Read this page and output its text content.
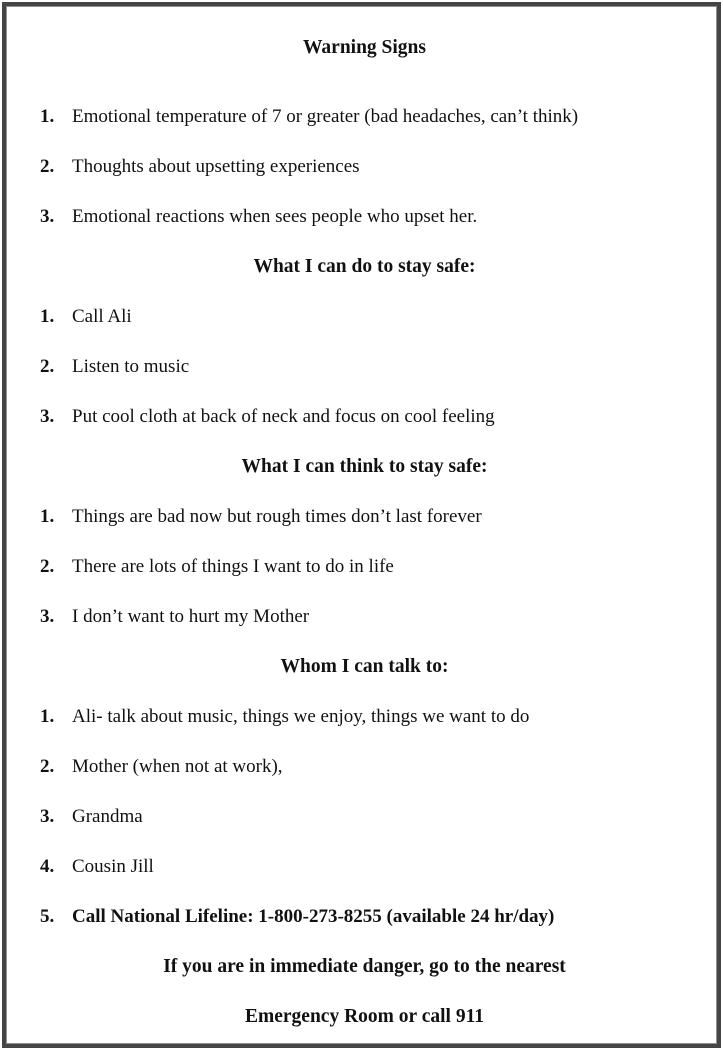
Warning Signs
1. Emotional temperature of 7 or greater (bad headaches, can’t think)
2. Thoughts about upsetting experiences
3. Emotional reactions when sees people who upset her.
What I can do to stay safe:
1. Call Ali
2. Listen to music
3. Put cool cloth at back of neck and focus on cool feeling
What I can think to stay safe:
1. Things are bad now but rough times don’t last forever
2. There are lots of things I want to do in life
3. I don’t want to hurt my Mother
Whom I can talk to:
1. Ali- talk about music, things we enjoy, things we want to do
2. Mother (when not at work),
3. Grandma
4. Cousin Jill
5. Call National Lifeline: 1-800-273-8255 (available 24 hr/day)
If you are in immediate danger, go to the nearest
Emergency Room or call 911
